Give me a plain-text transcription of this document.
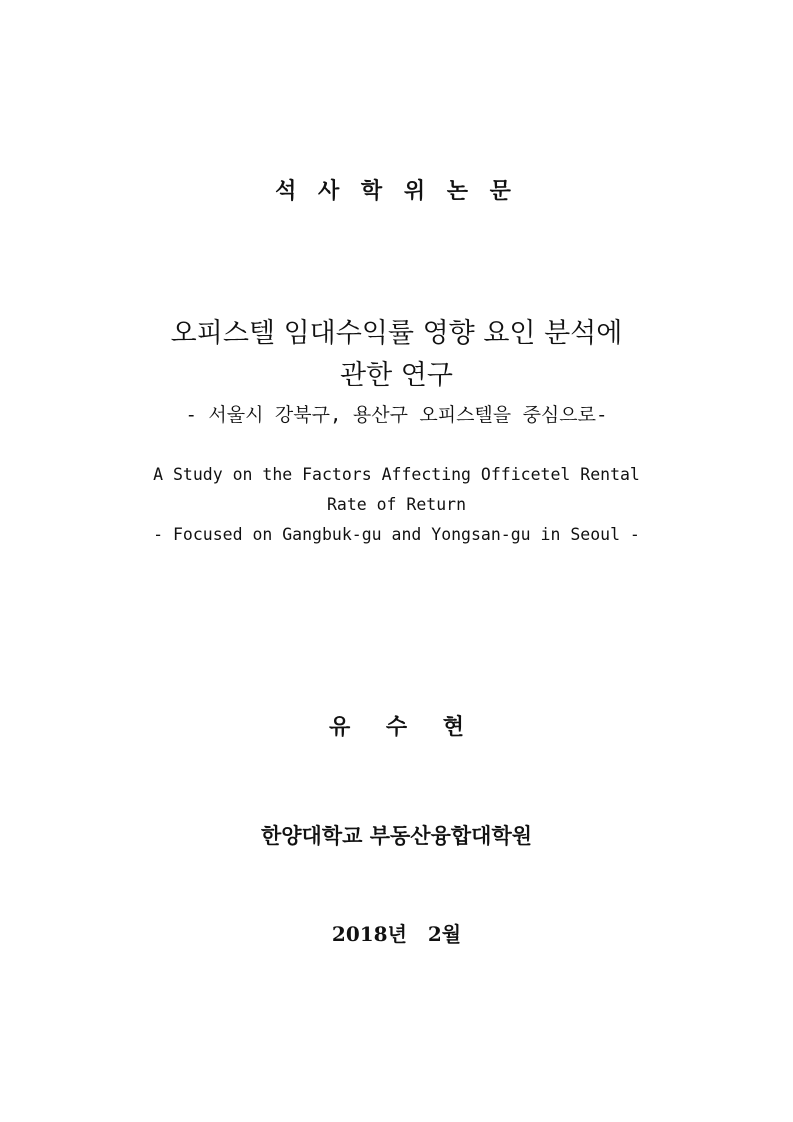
석 사 학 위 논 문
오피스텔 임대수익률 영향 요인 분석에
관한 연구
- 서울시 강북구, 용산구 오피스텔을 중심으로-
A Study on the Factors Affecting Officetel Rental
Rate of Return
- Focused on Gangbuk-gu and Yongsan-gu in Seoul -
유 수 현
한양대학교 부동산융합대학원
2018년 2월
